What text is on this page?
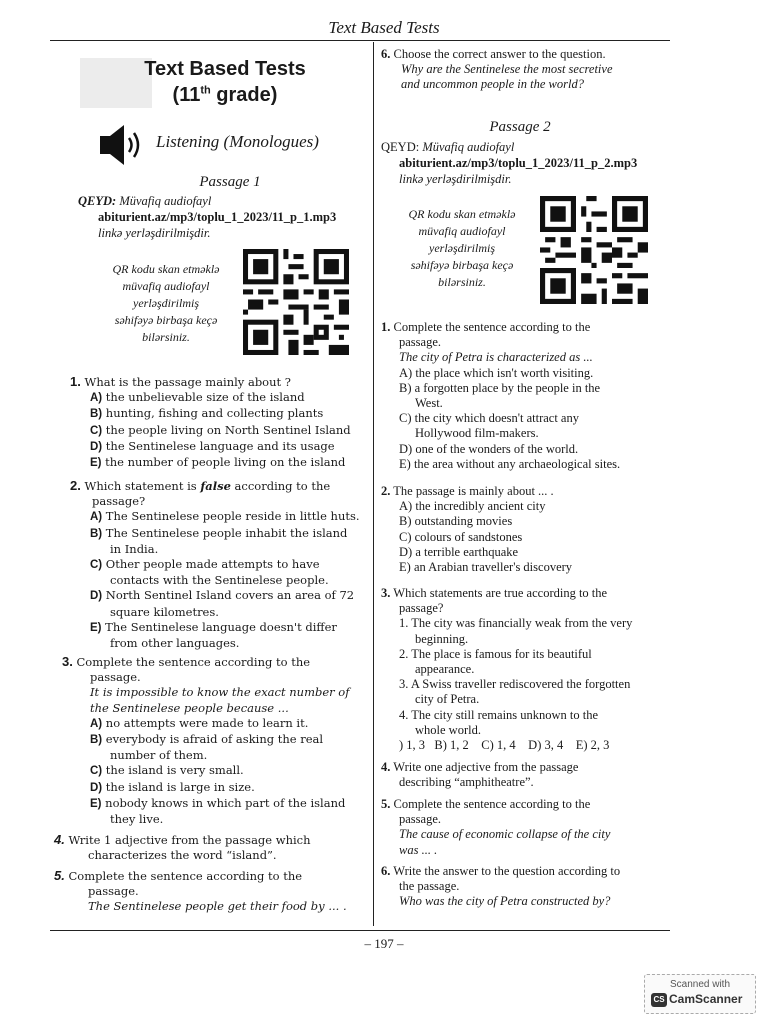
Text Based Tests
Text Based Tests
(11th grade)
Listening (Monologues)
Passage 1
QEYD: Müvafiq audiofayl
abiturient.az/mp3/toplu_1_2023/11_p_1.mp3
linkə yerləşdirilmişdir.
QR kodu skan etməklə
müvafiq audiofayl
yerləşdirilmiş
səhifəyə birbaşa keçə
bilərsiniz.
1. What is the passage mainly about ?
A) the unbelievable size of the island
B) hunting, fishing and collecting plants
C) the people living on North Sentinel Island
D) the Sentinelese language and its usage
E) the number of people living on the island
2. Which statement is false according to the
passage?
A) The Sentinelese people reside in little huts.
B) The Sentinelese people inhabit the island
in India.
C) Other people made attempts to have
contacts with the Sentinelese people.
D) North Sentinel Island covers an area of 72
square kilometres.
E) The Sentinelese language doesn't differ
from other languages.
3. Complete the sentence according to the
passage.
It is impossible to know the exact number of
the Sentinelese people because ...
A) no attempts were made to learn it.
B) everybody is afraid of asking the real
number of them.
C) the island is very small.
D) the island is large in size.
E) nobody knows in which part of the island
they live.
4. Write 1 adjective from the passage which
characterizes the word “island”.
5. Complete the sentence according to the
passage.
The Sentinelese people get their food by ... .
6. Choose the correct answer to the question.
Why are the Sentinelese the most secretive
and uncommon people in the world?
Passage 2
QEYD: Müvafiq audiofayl
abiturient.az/mp3/toplu_1_2023/11_p_2.mp3
linkə yerləşdirilmişdir.
QR kodu skan etməklə
müvafiq audiofayl
yerləşdirilmiş
səhifəyə birbaşa keçə
bilərsiniz.
1. Complete the sentence according to the
passage.
The city of Petra is characterized as ...
A) the place which isn't worth visiting.
B) a forgotten place by the people in the
West.
C) the city which doesn't attract any
Hollywood film-makers.
D) one of the wonders of the world.
E) the area without any archaeological sites.
2. The passage is mainly about ... .
A) the incredibly ancient city
B) outstanding movies
C) colours of sandstones
D) a terrible earthquake
E) an Arabian traveller's discovery
3. Which statements are true according to the
passage?
1. The city was financially weak from the very
beginning.
2. The place is famous for its beautiful
appearance.
3. A Swiss traveller rediscovered the forgotten
city of Petra.
4. The city still remains unknown to the
whole world.
) 1, 3   B) 1, 2    C) 1, 4    D) 3, 4    E) 2, 3
4. Write one adjective from the passage
describing “amphitheatre”.
5. Complete the sentence according to the
passage.
The cause of economic collapse of the city
was ... .
6. Write the answer to the question according to
the passage.
Who was the city of Petra constructed by?
– 197 –
Scanned with
CS CamScanner
